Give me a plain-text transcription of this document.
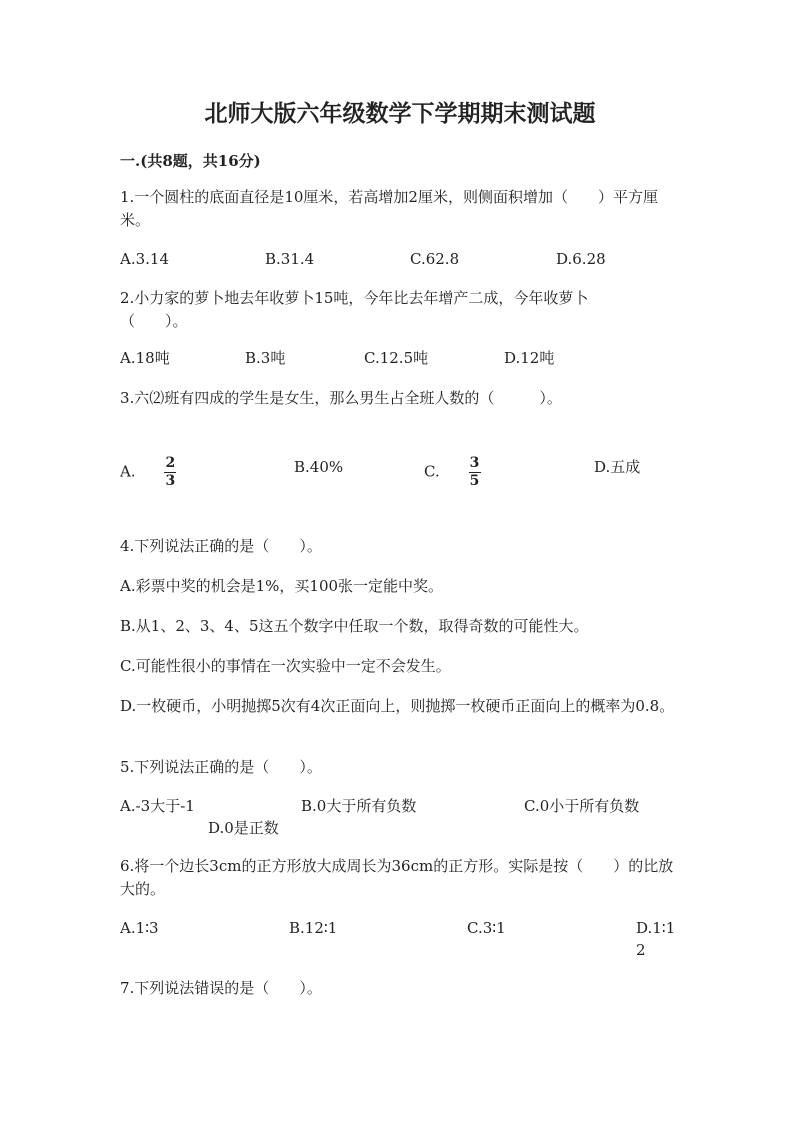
北师大版六年级数学下学期期末测试题
一.(共8题，共16分)
1.一个圆柱的底面直径是10厘米，若高增加2厘米，则侧面积增加（　　）平方厘米。
A.3.14	B.31.4	C.62.8	D.6.28
2.小力家的萝卜地去年收萝卜15吨，今年比去年增产二成，今年收萝卜（　　）。
A.18吨	B.3吨	C.12.5吨	D.12吨
3.六⑵班有四成的学生是女生，那么男生占全班人数的（　　　）。
A. $\frac{2}{3}$	B.40%	C. $\frac{3}{5}$	D.五成
4.下列说法正确的是（　　）。
A.彩票中奖的机会是1%，买100张一定能中奖。
B.从1、2、3、4、5这五个数字中任取一个数，取得奇数的可能性大。
C.可能性很小的事情在一次实验中一定不会发生。
D.一枚硬币，小明抛掷5次有4次正面向上，则抛掷一枚硬币正面向上的概率为0.8。
5.下列说法正确的是（　　）。
A.-3大于-1	B.0大于所有负数	C.0小于所有负数
D.0是正数
6.将一个边长3cm的正方形放大成周长为36cm的正方形。实际是按（　　）的比放大的。
A.1∶3	B.12∶1	C.3∶1	D.1∶12
7.下列说法错误的是（　　）。
